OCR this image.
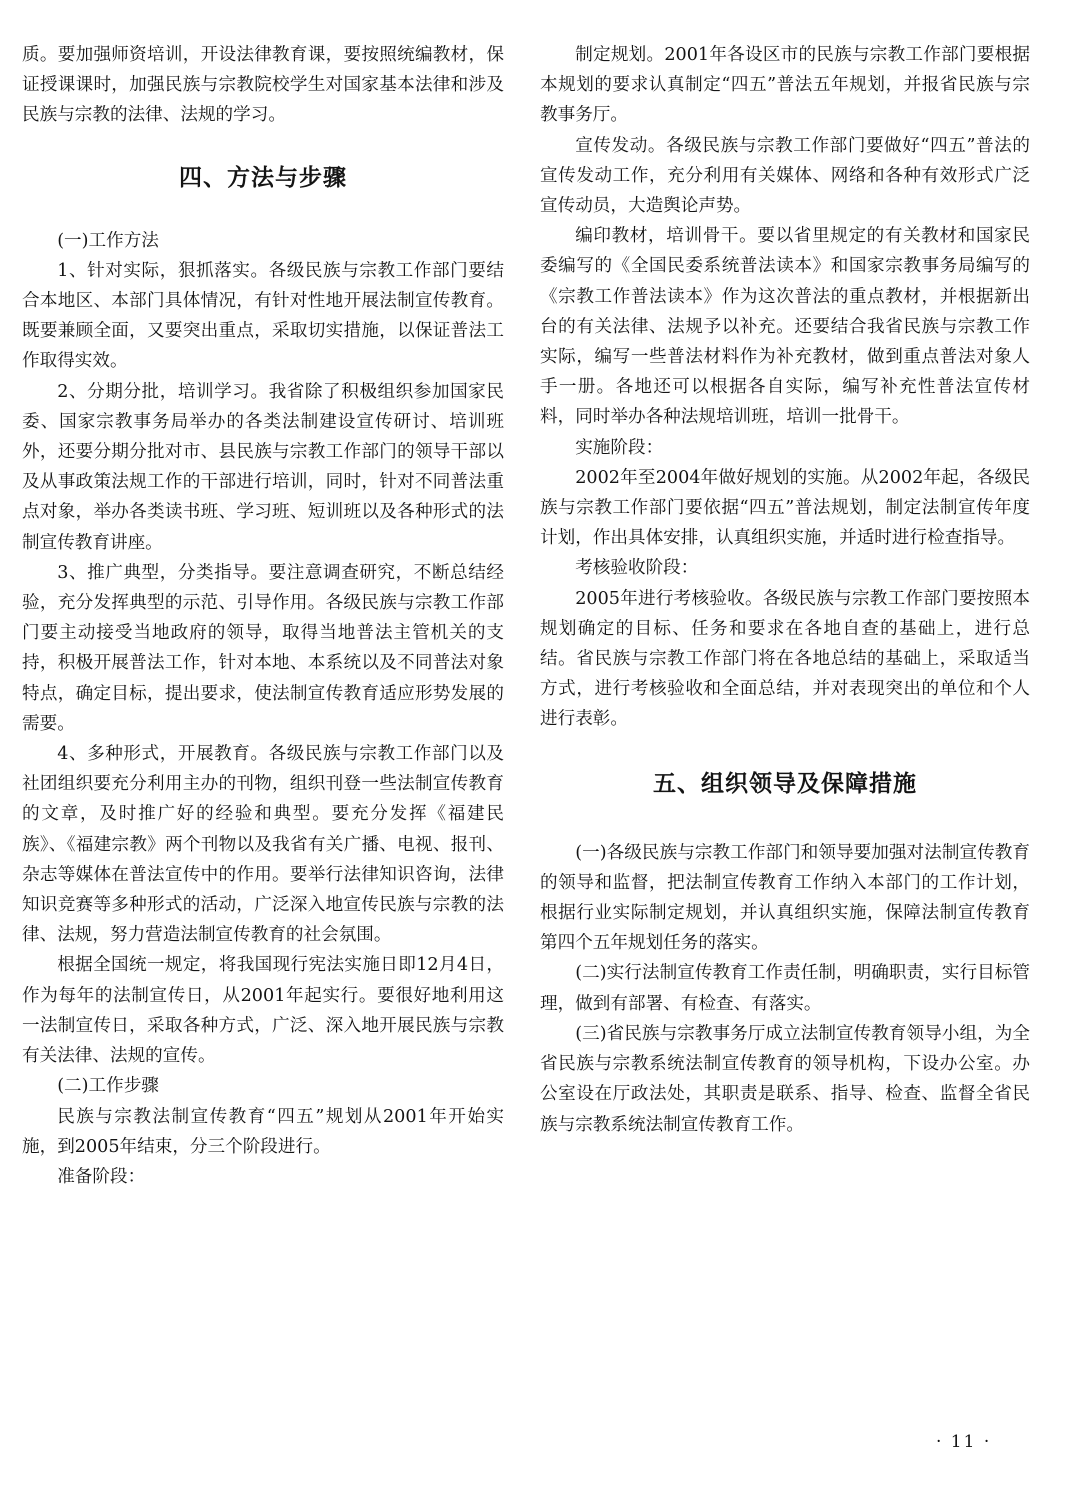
质。要加强师资培训，开设法律教育课，要按照统编教材，保证授课课时，加强民族与宗教院校学生对国家基本法律和涉及民族与宗教的法律、法规的学习。

四、方法与步骤

(一)工作方法

1、针对实际，狠抓落实。各级民族与宗教工作部门要结合本地区、本部门具体情况，有针对性地开展法制宣传教育。既要兼顾全面，又要突出重点，采取切实措施，以保证普法工作取得实效。

2、分期分批，培训学习。我省除了积极组织参加国家民委、国家宗教事务局举办的各类法制建设宣传研讨、培训班外，还要分期分批对市、县民族与宗教工作部门的领导干部以及从事政策法规工作的干部进行培训，同时，针对不同普法重点对象，举办各类读书班、学习班、短训班以及各种形式的法制宣传教育讲座。

3、推广典型，分类指导。要注意调查研究，不断总结经验，充分发挥典型的示范、引导作用。各级民族与宗教工作部门要主动接受当地政府的领导，取得当地普法主管机关的支持，积极开展普法工作，针对本地、本系统以及不同普法对象特点，确定目标，提出要求，使法制宣传教育适应形势发展的需要。

4、多种形式，开展教育。各级民族与宗教工作部门以及社团组织要充分利用主办的刊物，组织刊登一些法制宣传教育的文章，及时推广好的经验和典型。要充分发挥《福建民族》、《福建宗教》两个刊物以及我省有关广播、电视、报刊、杂志等媒体在普法宣传中的作用。要举行法律知识咨询，法律知识竞赛等多种形式的活动，广泛深入地宣传民族与宗教的法律、法规，努力营造法制宣传教育的社会氛围。

根据全国统一规定，将我国现行宪法实施日即12月4日，作为每年的法制宣传日，从2001年起实行。要很好地利用这一法制宣传日，采取各种方式，广泛、深入地开展民族与宗教有关法律、法规的宣传。

(二)工作步骤

民族与宗教法制宣传教育“四五”规划从2001年开始实施，到2005年结束，分三个阶段进行。

准备阶段：

制定规划。2001年各设区市的民族与宗教工作部门要根据本规划的要求认真制定“四五”普法五年规划，并报省民族与宗教事务厅。

宣传发动。各级民族与宗教工作部门要做好“四五”普法的宣传发动工作，充分利用有关媒体、网络和各种有效形式广泛宣传动员，大造舆论声势。

编印教材，培训骨干。要以省里规定的有关教材和国家民委编写的《全国民委系统普法读本》和国家宗教事务局编写的《宗教工作普法读本》作为这次普法的重点教材，并根据新出台的有关法律、法规予以补充。还要结合我省民族与宗教工作实际，编写一些普法材料作为补充教材，做到重点普法对象人手一册。各地还可以根据各自实际，编写补充性普法宣传材料，同时举办各种法规培训班，培训一批骨干。

实施阶段：

2002年至2004年做好规划的实施。从2002年起，各级民族与宗教工作部门要依据“四五”普法规划，制定法制宣传年度计划，作出具体安排，认真组织实施，并适时进行检查指导。

考核验收阶段：

2005年进行考核验收。各级民族与宗教工作部门要按照本规划确定的目标、任务和要求在各地自查的基础上，进行总结。省民族与宗教工作部门将在各地总结的基础上，采取适当方式，进行考核验收和全面总结，并对表现突出的单位和个人进行表彰。

五、组织领导及保障措施

(一)各级民族与宗教工作部门和领导要加强对法制宣传教育的领导和监督，把法制宣传教育工作纳入本部门的工作计划，根据行业实际制定规划，并认真组织实施，保障法制宣传教育第四个五年规划任务的落实。

(二)实行法制宣传教育工作责任制，明确职责，实行目标管理，做到有部署、有检查、有落实。

(三)省民族与宗教事务厅成立法制宣传教育领导小组，为全省民族与宗教系统法制宣传教育的领导机构，下设办公室。办公室设在厅政法处，其职责是联系、指导、检查、监督全省民族与宗教系统法制宣传教育工作。

· 11 ·
